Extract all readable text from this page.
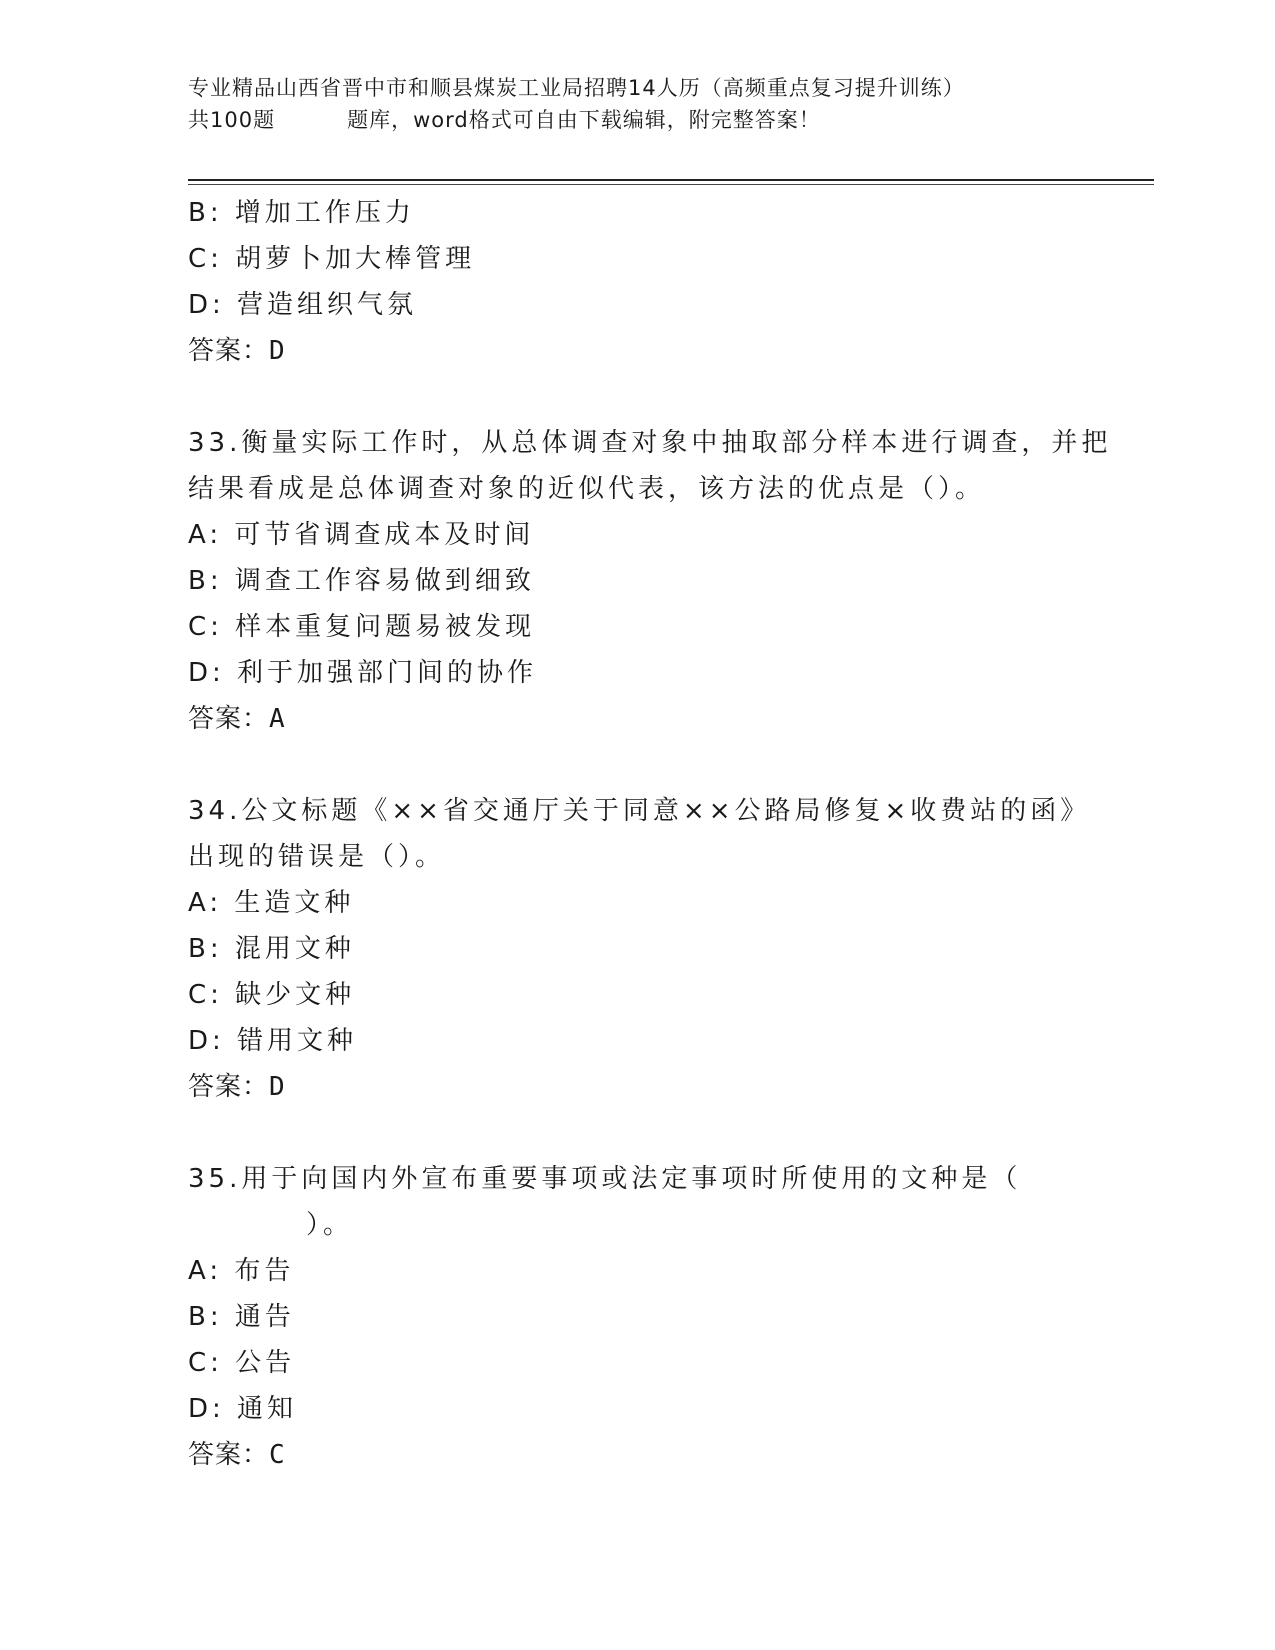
专业精品山西省晋中市和顺县煤炭工业局招聘14人历（高频重点复习提升训练）
共100题	题库，word格式可自由下载编辑，附完整答案！
B: 增加工作压力
C: 胡萝卜加大棒管理
D: 营造组织气氛
答案：D
33.衡量实际工作时，从总体调查对象中抽取部分样本进行调查，并把
结果看成是总体调查对象的近似代表，该方法的优点是（）。
A: 可节省调查成本及时间
B: 调查工作容易做到细致
C: 样本重复问题易被发现
D: 利于加强部门间的协作
答案：A
34.公文标题《××省交通厅关于同意××公路局修复×收费站的函》
出现的错误是（）。
A: 生造文种
B: 混用文种
C: 缺少文种
D: 错用文种
答案：D
35.用于向国内外宣布重要事项或法定事项时所使用的文种是（
）。
A: 布告
B: 通告
C: 公告
D: 通知
答案：C
